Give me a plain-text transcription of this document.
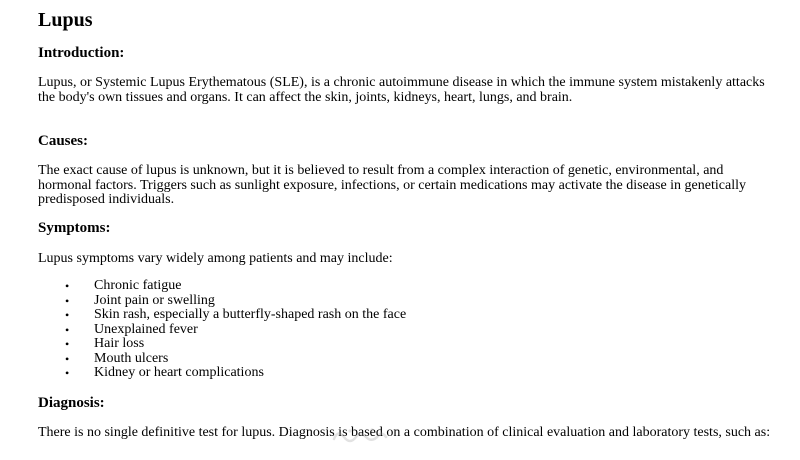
Lupus
Introduction:

Lupus, or Systemic Lupus Erythematous (SLE), is a chronic autoimmune disease in which the immune system mistakenly attacks the body's own tissues and organs. It can affect the skin, joints, kidneys, heart, lungs, and brain.

Causes:

The exact cause of lupus is unknown, but it is believed to result from a complex interaction of genetic, environmental, and hormonal factors. Triggers such as sunlight exposure, infections, or certain medications may activate the disease in genetically predisposed individuals.

Symptoms:

Lupus symptoms vary widely among patients and may include:

• Chronic fatigue
• Joint pain or swelling
• Skin rash, especially a butterfly-shaped rash on the face
• Unexplained fever
• Hair loss
• Mouth ulcers
• Kidney or heart complications
Diagnosis:

There is no single definitive test for lupus. Diagnosis is based on a combination of clinical evaluation and laboratory tests, such as:
